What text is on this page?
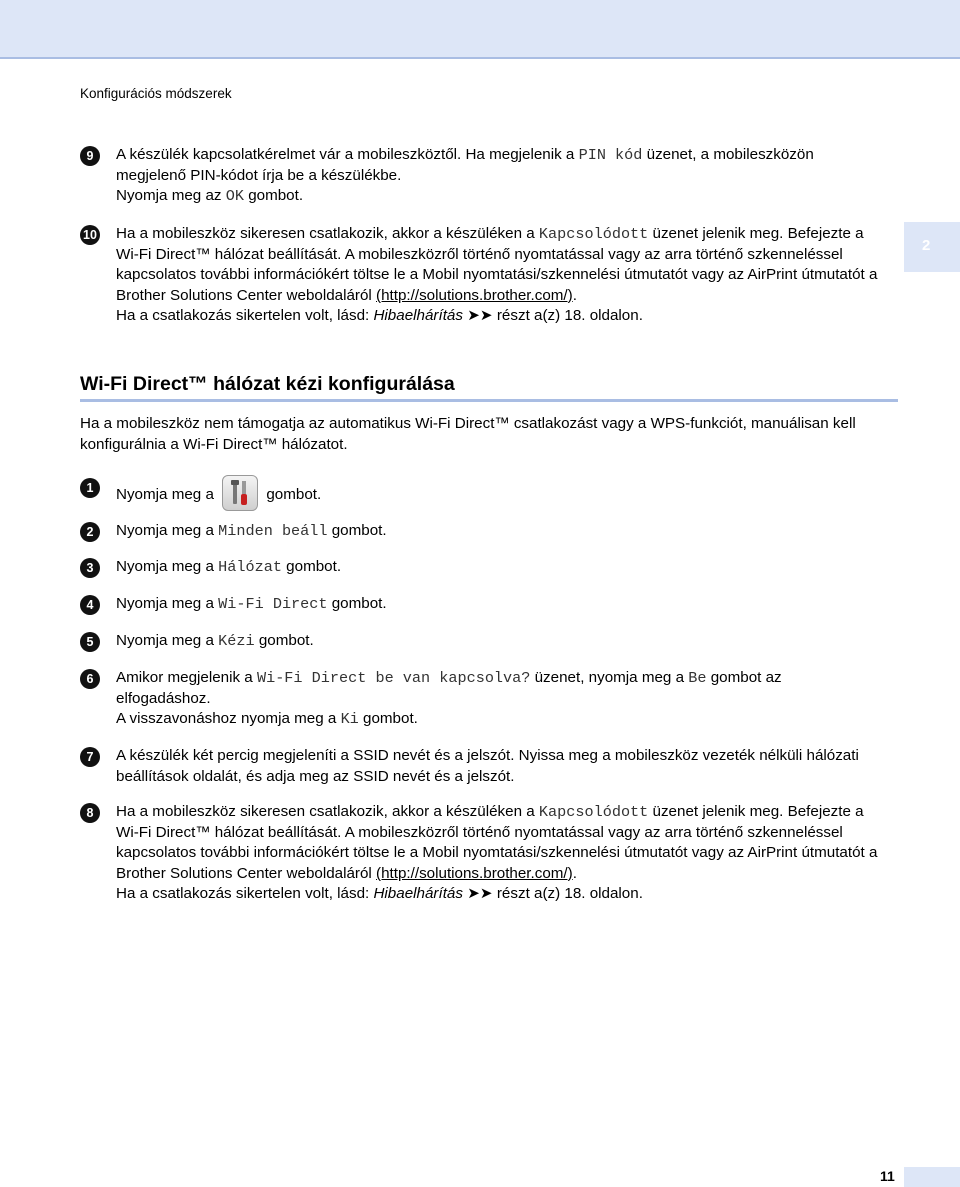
Konfigurációs módszerek
2
9	A készülék kapcsolatkérelmet vár a mobileszköztől. Ha megjelenik a PIN kód üzenet, a mobileszközön megjelenő PIN-kódot írja be a készülékbe.
Nyomja meg az OK gombot.
10 Ha a mobileszköz sikeresen csatlakozik, akkor a készüléken a Kapcsolódott üzenet jelenik meg. Befejezte a Wi-Fi Direct™ hálózat beállítását. A mobileszközről történő nyomtatással vagy az arra történő szkenneléssel kapcsolatos további információkért töltse le a Mobil nyomtatási/szkennelési útmutatót vagy az AirPrint útmutatót a Brother Solutions Center weboldaláról (http://solutions.brother.com/).
Ha a csatlakozás sikertelen volt, lásd: Hibaelhárítás ➤➤ részt a(z) 18. oldalon.
Wi-Fi Direct™ hálózat kézi konfigurálása
Ha a mobileszköz nem támogatja az automatikus Wi-Fi Direct™ csatlakozást vagy a WPS-funkciót, manuálisan kell konfigurálnia a Wi-Fi Direct™ hálózatot.
1	Nyomja meg a	gombot.
2	Nyomja meg a Minden beáll gombot.
3	Nyomja meg a Hálózat gombot.
4	Nyomja meg a Wi-Fi Direct gombot.
5	Nyomja meg a Kézi gombot.
6	Amikor megjelenik a Wi-Fi Direct be van kapcsolva? üzenet, nyomja meg a Be gombot az elfogadáshoz.
A visszavonáshoz nyomja meg a Ki gombot.
7	A készülék két percig megjeleníti a SSID nevét és a jelszót. Nyissa meg a mobileszköz vezeték nélküli hálózati beállítások oldalát, és adja meg az SSID nevét és a jelszót.
8	Ha a mobileszköz sikeresen csatlakozik, akkor a készüléken a Kapcsolódott üzenet jelenik meg. Befejezte a Wi-Fi Direct™ hálózat beállítását. A mobileszközről történő nyomtatással vagy az arra történő szkenneléssel kapcsolatos további információkért töltse le a Mobil nyomtatási/szkennelési útmutatót vagy az AirPrint útmutatót a Brother Solutions Center weboldaláról (http://solutions.brother.com/).
Ha a csatlakozás sikertelen volt, lásd: Hibaelhárítás ➤➤ részt a(z) 18. oldalon.
11
